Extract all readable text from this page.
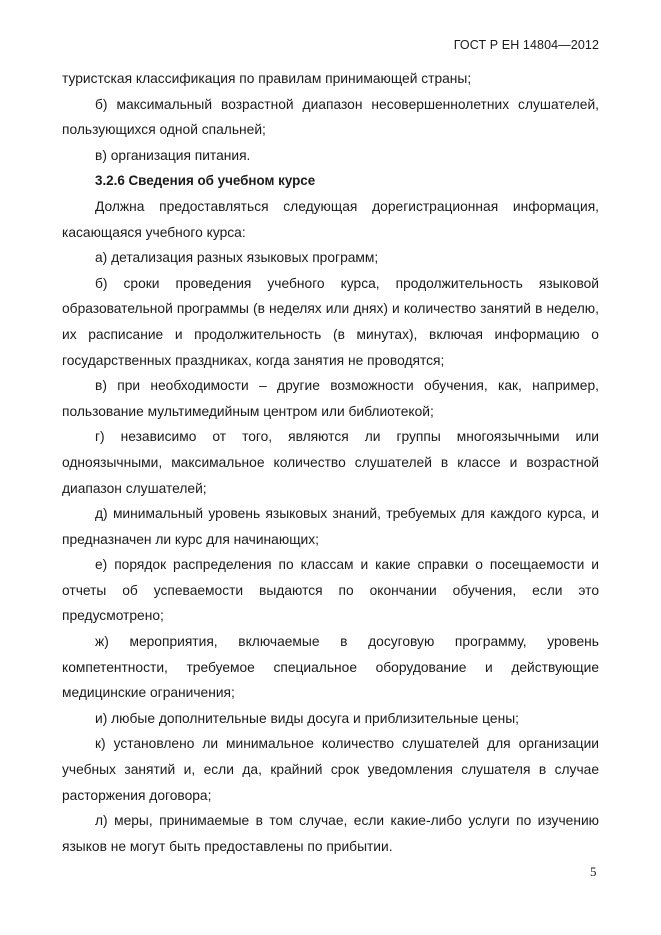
ГОСТ Р ЕН 14804—2012

туристская классификация по правилам принимающей страны;

б) максимальный возрастной диапазон несовершеннолетних слушателей, пользующихся одной спальней;

в) организация питания.

3.2.6 Сведения об учебном курсе

Должна предоставляться следующая дорегистрационная информация, касающаяся учебного курса:

а) детализация разных языковых программ;

б) сроки проведения учебного курса, продолжительность языковой образовательной программы (в неделях или днях) и количество занятий в неделю, их расписание и продолжительность (в минутах), включая информацию о государственных праздниках, когда занятия не проводятся;

в) при необходимости – другие возможности обучения, как, например, пользование мультимедийным центром или библиотекой;

г) независимо от того, являются ли группы многоязычными или одноязычными, максимальное количество слушателей в классе и возрастной диапазон слушателей;

д) минимальный уровень языковых знаний, требуемых для каждого курса, и предназначен ли курс для начинающих;

е) порядок распределения по классам и какие справки о посещаемости и отчеты об успеваемости выдаются по окончании обучения, если это предусмотрено;

ж) мероприятия, включаемые в досуговую программу, уровень компетентности, требуемое специальное оборудование и действующие медицинские ограничения;

и) любые дополнительные виды досуга и приблизительные цены;

к) установлено ли минимальное количество слушателей для организации учебных занятий и, если да, крайний срок уведомления слушателя в случае расторжения договора;

л) меры, принимаемые в том случае, если какие-либо услуги по изучению языков не могут быть предоставлены по прибытии.

5
